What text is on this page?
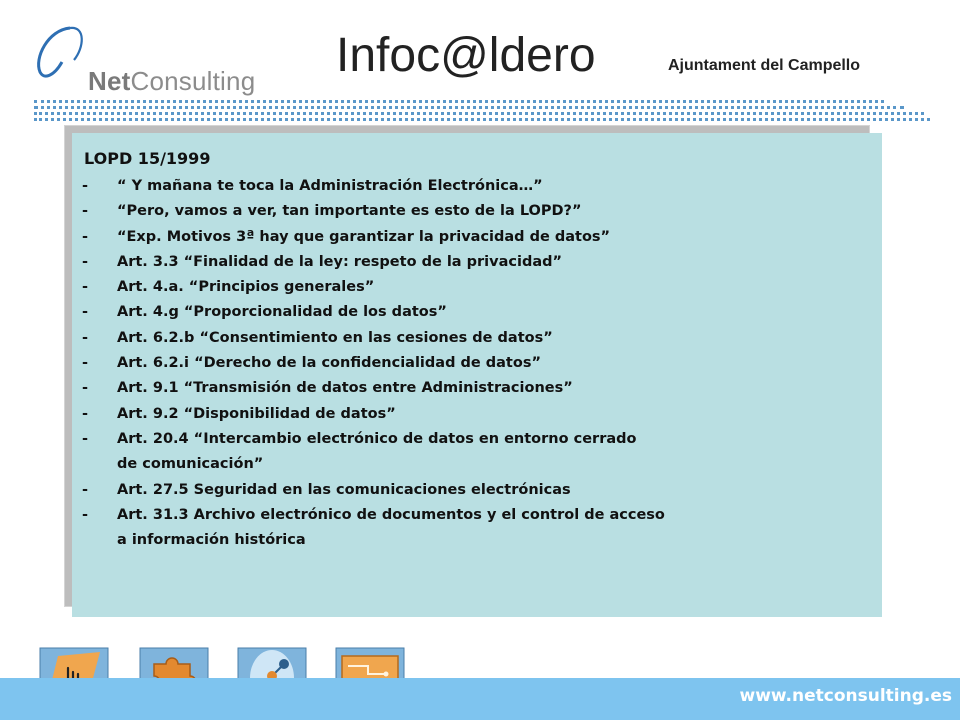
NetConsulting Infoc@ldero	Ajuntament del Campello
LOPD 15/1999
-	“ Y mañana te toca la Administración Electrónica…”
-	“Pero, vamos a ver, tan importante es esto de la LOPD?”
-	“Exp. Motivos 3ª hay que garantizar la privacidad de datos”
-	Art. 3.3 “Finalidad de la ley: respeto de la privacidad”
-	Art. 4.a. “Principios generales”
-	Art. 4.g “Proporcionalidad de los datos”
-	Art. 6.2.b “Consentimiento en las cesiones de datos”
-	Art. 6.2.i “Derecho de la confidencialidad de datos”
-	Art. 9.1 “Transmisión de datos entre Administraciones”
-	Art. 9.2 “Disponibilidad de datos”
-	Art. 20.4 “Intercambio electrónico de datos en entorno cerrado
de comunicación”
-	Art. 27.5 Seguridad en las comunicaciones electrónicas
-	Art. 31.3 Archivo electrónico de documentos y el control de acceso
a información histórica
www.netconsulting.es
